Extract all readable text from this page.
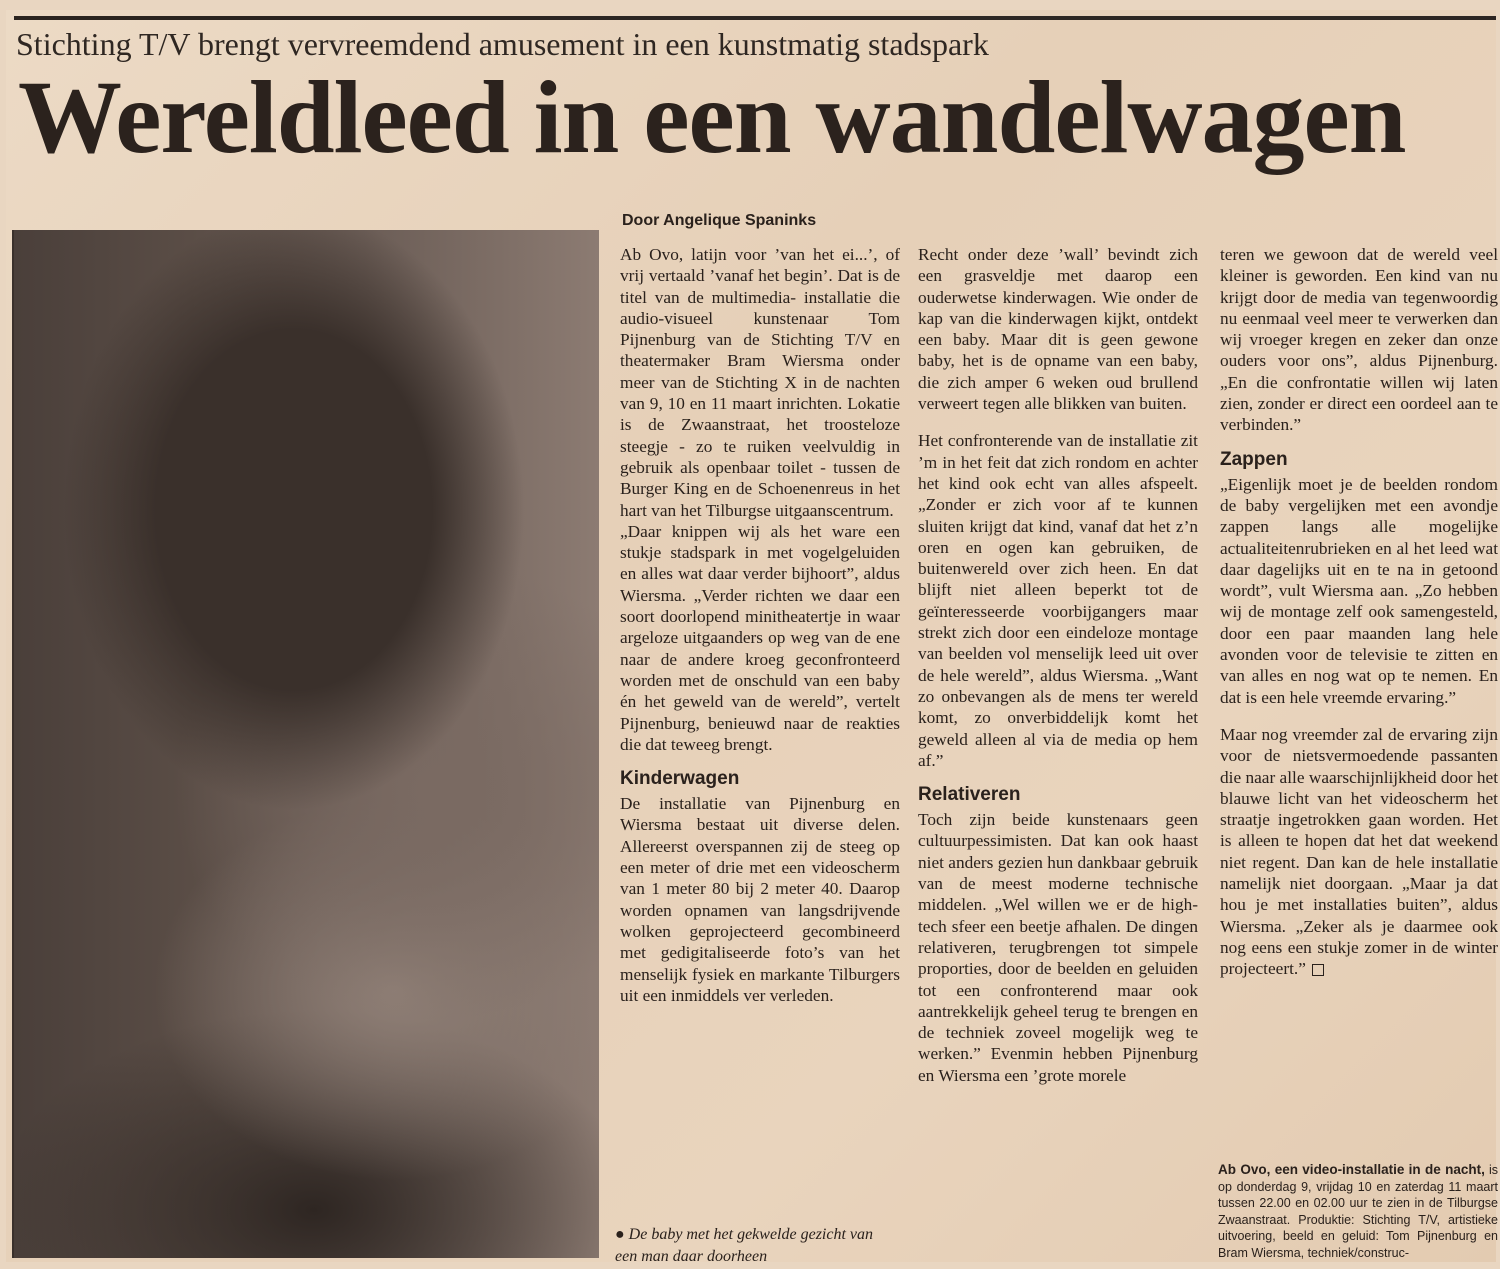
Stichting T/V brengt vervreemdend amusement in een kunstmatig stadspark
Wereldleed in een wandelwagen
Door Angelique Spaninks

Ab Ovo, latijn voor ’van het ei...’, of vrij vertaald ’vanaf het begin’. Dat is de titel van de multimedia- installatie die audio-visueel kunstenaar Tom Pijnenburg van de Stichting T/V en theatermaker Bram Wiersma onder meer van de Stichting X in de nachten van 9, 10 en 11 maart inrichten. Lokatie is de Zwaanstraat, het troosteloze steegje - zo te ruiken veelvuldig in gebruik als openbaar toilet - tussen de Burger King en de Schoenenreus in het hart van het Tilburgse uitgaanscentrum.

„Daar knippen wij als het ware een stukje stadspark in met vogelgeluiden en alles wat daar verder bijhoort”, aldus Wiersma. „Verder richten we daar een soort doorlopend minitheatertje in waar argeloze uitgaanders op weg van de ene naar de andere kroeg geconfronteerd worden met de onschuld van een baby én het geweld van de wereld”, vertelt Pijnenburg, benieuwd naar de reakties die dat teweeg brengt.

Kinderwagen

De installatie van Pijnenburg en Wiersma bestaat uit diverse delen. Allereerst overspannen zij de steeg op een meter of drie met een videoscherm van 1 meter 80 bij 2 meter 40. Daarop worden opnamen van langsdrijvende wolken geprojecteerd gecombineerd met gedigitaliseerde foto’s van het menselijk fysiek en markante Tilburgers uit een inmiddels ver verleden.

Recht onder deze ’wall’ bevindt zich een grasveldje met daarop een ouderwetse kinderwagen. Wie onder de kap van die kinderwagen kijkt, ontdekt een baby. Maar dit is geen gewone baby, het is de opname van een baby, die zich amper 6 weken oud brullend verweert tegen alle blikken van buiten.

Het confronterende van de installatie zit ’m in het feit dat zich rondom en achter het kind ook echt van alles afspeelt. „Zonder er zich voor af te kunnen sluiten krijgt dat kind, vanaf dat het z’n oren en ogen kan gebruiken, de buitenwereld over zich heen. En dat blijft niet alleen beperkt tot de geïnteresseerde voorbijgangers maar strekt zich door een eindeloze montage van beelden vol menselijk leed uit over de hele wereld”, aldus Wiersma. „Want zo onbevangen als de mens ter wereld komt, zo onverbiddelijk komt het geweld alleen al via de media op hem af.”

Relativeren

Toch zijn beide kunstenaars geen cultuurpessimisten. Dat kan ook haast niet anders gezien hun dankbaar gebruik van de meest moderne technische middelen. „Wel willen we er de high-tech sfeer een beetje afhalen. De dingen relativeren, terugbrengen tot simpele proporties, door de beelden en geluiden tot een confronterend maar ook aantrekkelijk geheel terug te brengen en de techniek zoveel mogelijk weg te werken.” Evenmin hebben Pijnenburg en Wiersma een ’grote morele

teren we gewoon dat de wereld veel kleiner is geworden. Een kind van nu krijgt door de media van tegenwoordig nu eenmaal veel meer te verwerken dan wij vroeger kregen en zeker dan onze ouders voor ons”, aldus Pijnenburg. „En die confrontatie willen wij laten zien, zonder er direct een oordeel aan te verbinden.”

Zappen

„Eigenlijk moet je de beelden rondom de baby vergelijken met een avondje zappen langs alle mogelijke actualiteitenrubrieken en al het leed wat daar dagelijks uit en te na in getoond wordt”, vult Wiersma aan. „Zo hebben wij de montage zelf ook samengesteld, door een paar maanden lang hele avonden voor de televisie te zitten en van alles en nog wat op te nemen. En dat is een hele vreemde ervaring.”

Maar nog vreemder zal de ervaring zijn voor de nietsvermoedende passanten die naar alle waarschijnlijkheid door het blauwe licht van het videoscherm het straatje ingetrokken gaan worden. Het is alleen te hopen dat het dat weekend niet regent. Dan kan de hele installatie namelijk niet doorgaan. „Maar ja dat hou je met installaties buiten”, aldus Wiersma. „Zeker als je daarmee ook nog eens een stukje zomer in de winter projecteert.”

Ab Ovo, een video-installatie in de nacht, is op donderdag 9, vrijdag 10 en zaterdag 11 maart tussen 22.00 en 02.00 uur te zien in de Tilburgse Zwaanstraat. Produktie: Stichting T/V, artistieke uitvoering, beeld en geluid: Tom Pijnenburg en Bram Wiersma, techniek/construc-
● De baby met het gekwelde gezicht van een man daar doorheen
